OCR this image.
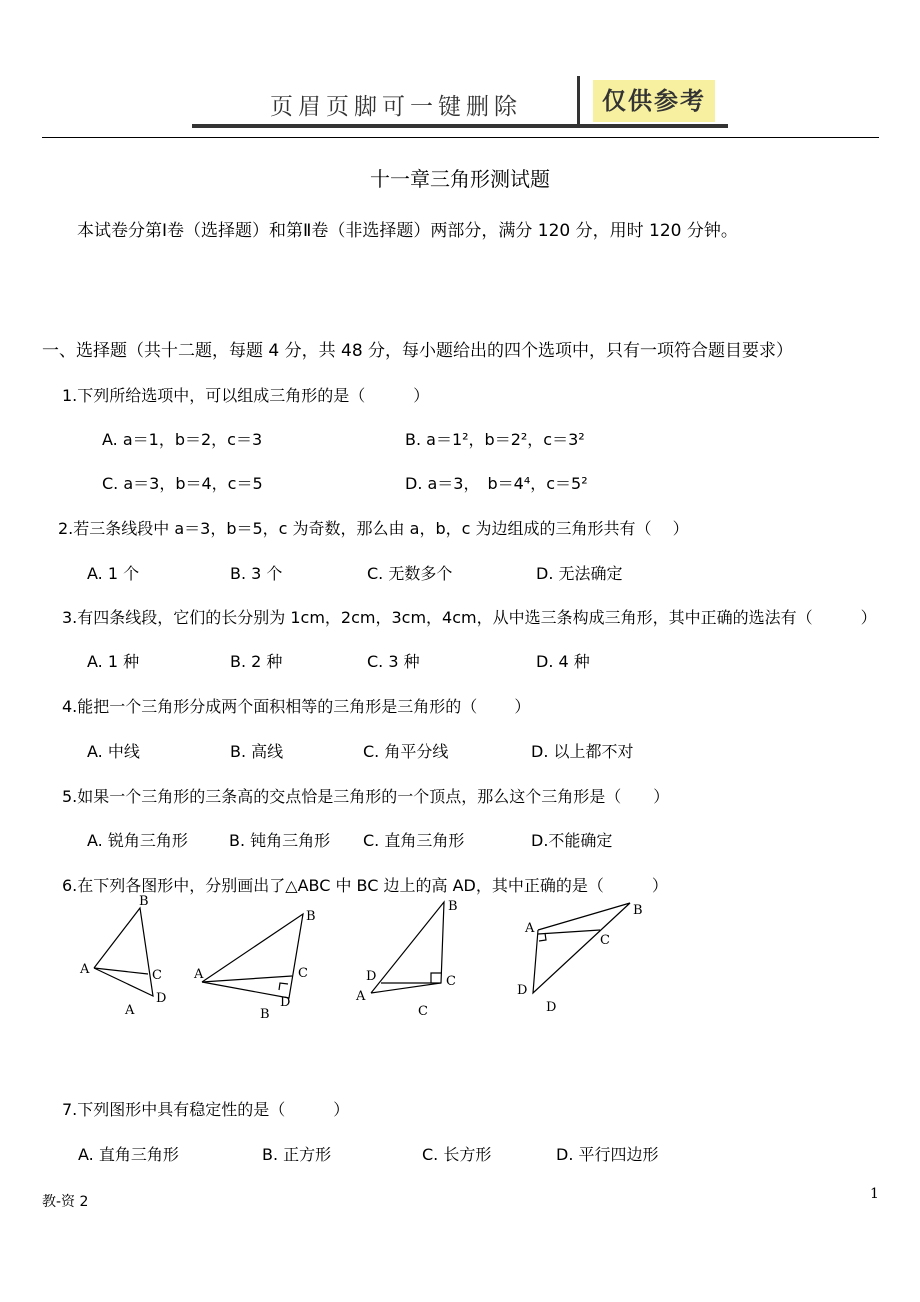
页眉页脚可一键删除	仅供参考
十一章三角形测试题
本试卷分第Ⅰ卷（选择题）和第Ⅱ卷（非选择题）两部分，满分 120 分，用时 120 分钟。
一、选择题（共十二题，每题 4 分，共 48 分，每小题给出的四个选项中，只有一项符合题目要求）
1.下列所给选项中，可以组成三角形的是（　　　）
A. a＝1，b＝2，c＝3	B. a＝1²，b＝2²，c＝3²
C. a＝3，b＝4，c＝5	D. a＝3，　b＝4⁴，c＝5²
2.若三条线段中 a＝3，b＝5，c 为奇数，那么由 a，b，c 为边组成的三角形共有（　 ）
A. 1 个	B. 3 个	C. 无数多个	D. 无法确定
3.有四条线段，它们的长分别为 1cm，2cm，3cm，4cm，从中选三条构成三角形，其中正确的选法有（　　　）
A. 1 种	B. 2 种	C. 3 种	D. 4 种
4.能把一个三角形分成两个面积相等的三角形是三角形的（　　 ）
A. 中线	B. 高线	C. 角平分线	D. 以上都不对
5.如果一个三角形的三条高的交点恰是三角形的一个顶点，那么这个三角形是（　　）
A. 锐角三角形	B. 钝角三角形 C. 直角三角形	D.不能确定
6.在下列各图形中，分别画出了△ABC 中 BC 边上的高 AD，其中正确的是（　　　）
B
A	C
D
A
B
A	C
D
B
B
D	C
A
C
B
A
C
D
D
7.下列图形中具有稳定性的是（　　　）
A. 直角三角形	B. 正方形	C. 长方形	D. 平行四边形
教-资 2	1
